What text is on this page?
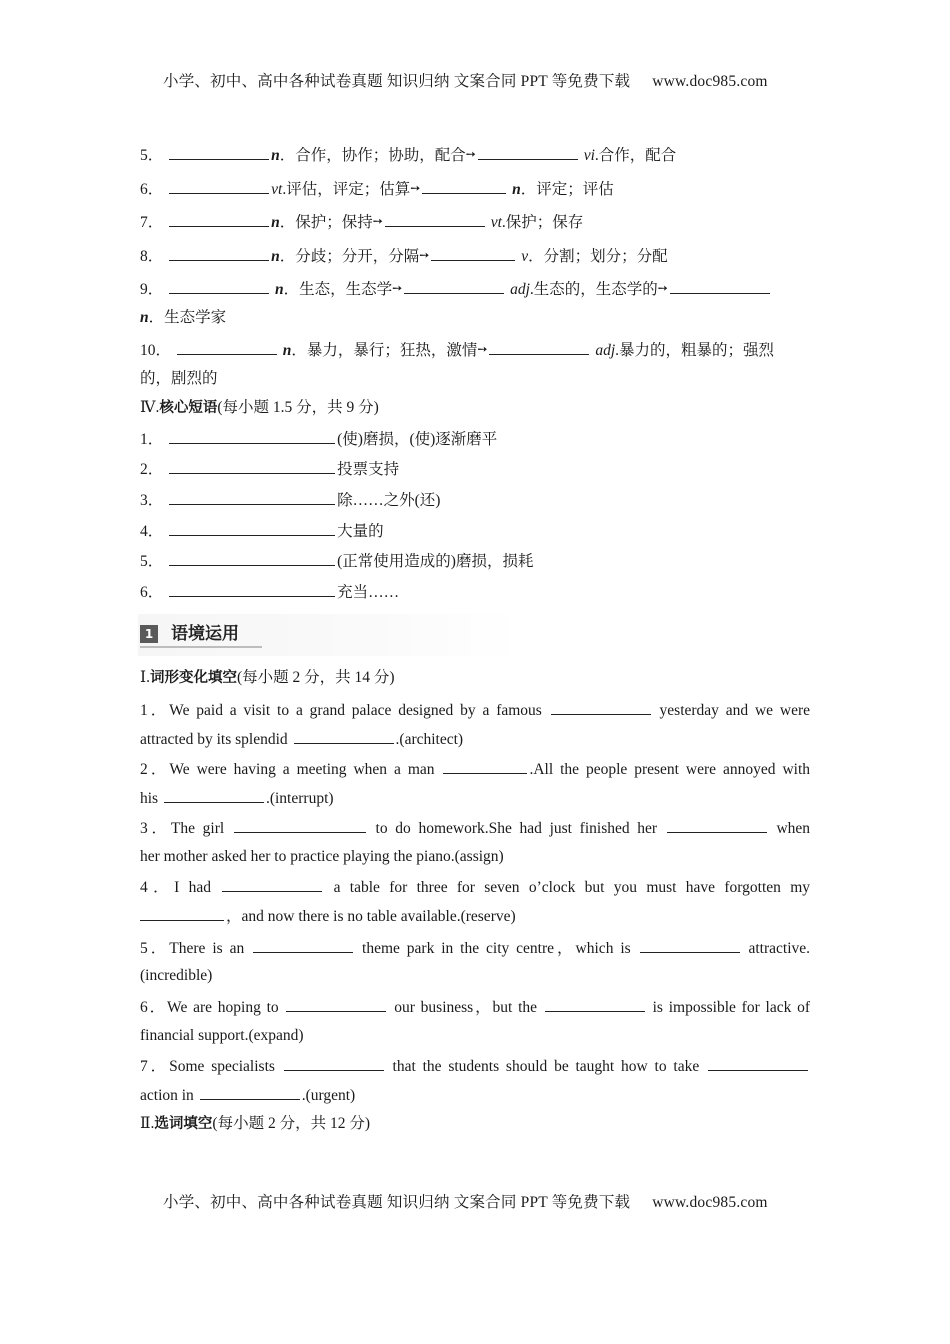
小学、初中、高中各种试卷真题 知识归纳 文案合同 PPT 等免费下载 www.doc985.com
5．	n．合作，协作；协助，配合➙	vi.合作，配合
6．	vt.评估，评定；估算➙	n．评定；评估
7．	n．保护；保持➙	vt.保护；保存
8．	n．分歧；分开，分隔➙	v．分割；划分；分配
9．	n．生态，生态学➙	adj.生态的，生态学的➙
n．生态学家
10．	n．暴力，暴行；狂热，激情➙	adj.暴力的，粗暴的；强烈
的，剧烈的
Ⅳ.核心短语(每小题 1.5 分，共 9 分)
1．	(使)磨损，(使)逐渐磨平
2．	投票支持
3．	除……之外(还)
4．	大量的
5．	(正常使用造成的)磨损，损耗
6．	充当……
1 语境运用
Ⅰ.词形变化填空(每小题 2 分，共 14 分)
1．We paid a visit to a grand palace designed by a famous	yesterday and we were
attracted by its splendid	.(architect)
2．We were having a meeting when a man	.All the people present were annoyed with
his	.(interrupt)
3．The girl	to do homework.She had just finished her	when
her mother asked her to practice playing the piano.(assign)
4．I had	a table for three for seven o’clock but you must have forgotten my
，and now there is no table available.(reserve)
5．There is an	theme park in the city centre，which is	attractive.
(incredible)
6．We are hoping to	our business，but the	is impossible for lack of
financial support.(expand)
7．Some specialists	that the students should be taught how to take
action in	.(urgent)
Ⅱ.选词填空(每小题 2 分，共 12 分)
小学、初中、高中各种试卷真题 知识归纳 文案合同 PPT 等免费下载 www.doc985.com
